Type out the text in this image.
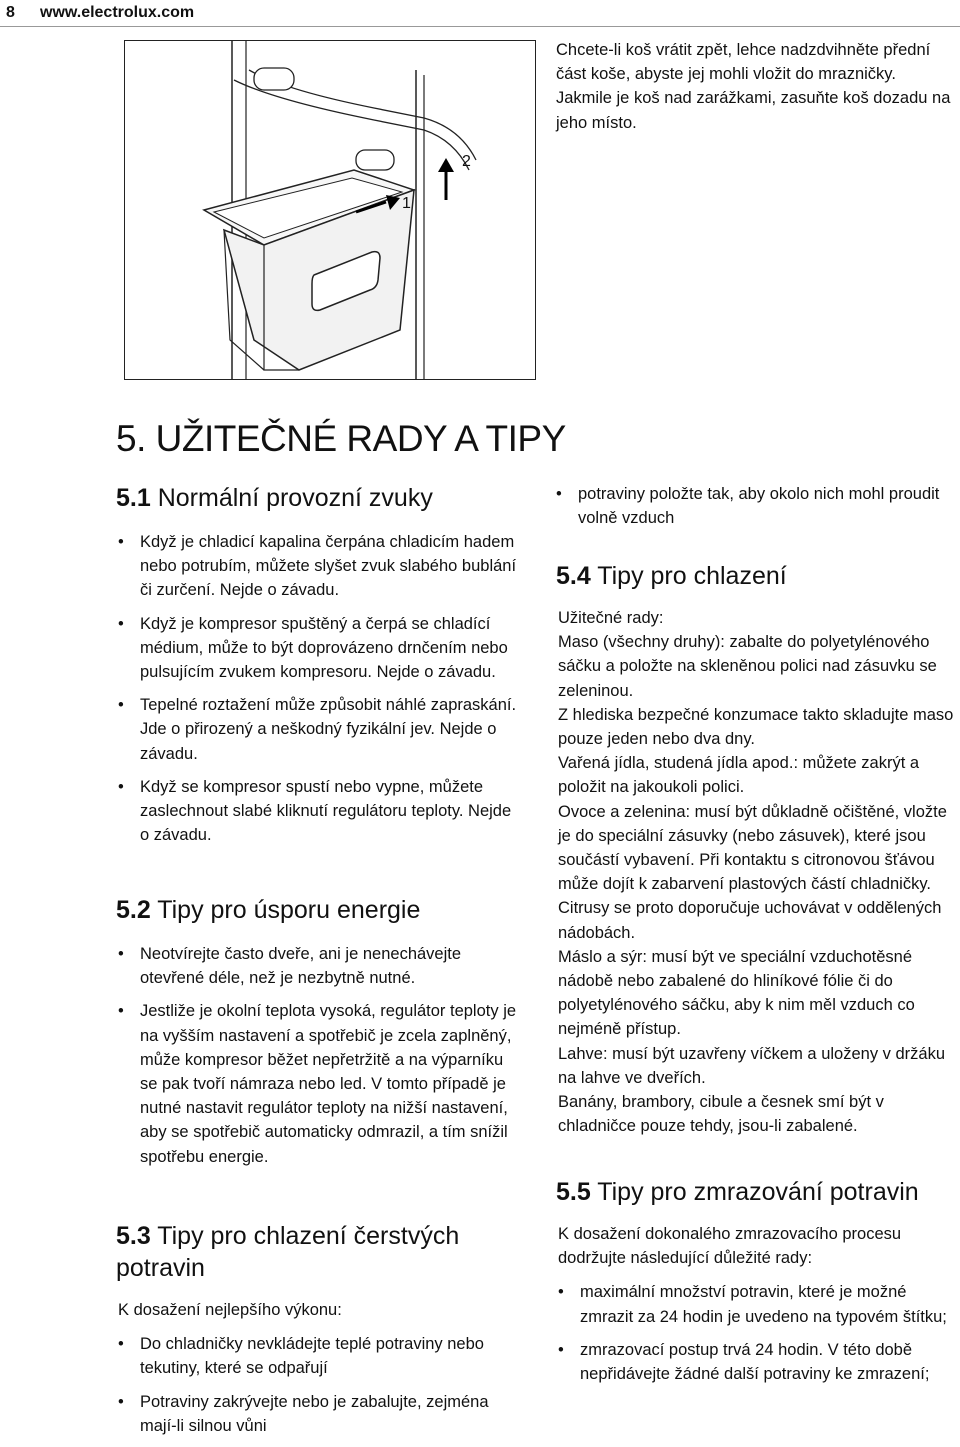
8 www.electrolux.com
1
2
Chcete-li koš vrátit zpět, lehce nadzdvihněte přední část koše, abyste jej mohli vložit do mrazničky. Jakmile je koš nad zarážkami, zasuňte koš dozadu na jeho místo.
5. UŽITEČNÉ RADY A TIPY
5.1 Normální provozní zvuky
• Když je chladicí kapalina čerpána chladicím hadem nebo potrubím, můžete slyšet zvuk slabého bublání či zurčení. Nejde o závadu.
• Když je kompresor spuštěný a čerpá se chladící médium, může to být doprovázeno drnčením nebo pulsujícím zvukem kompresoru. Nejde o závadu.
• Tepelné roztažení může způsobit náhlé zapraskání. Jde o přirozený a neškodný fyzikální jev. Nejde o závadu.
• Když se kompresor spustí nebo vypne, můžete zaslechnout slabé kliknutí regulátoru teploty. Nejde o závadu.
5.2 Tipy pro úsporu energie
• Neotvírejte často dveře, ani je nenechávejte otevřené déle, než je nezbytně nutné.
• Jestliže je okolní teplota vysoká, regulátor teploty je na vyšším nastavení a spotřebič je zcela zaplněný, může kompresor běžet nepřetržitě a na výparníku se pak tvoří námraza nebo led. V tomto případě je nutné nastavit regulátor teploty na nižší nastavení, aby se spotřebič automaticky odmrazil, a tím snížil spotřebu energie.
5.3 Tipy pro chlazení čerstvých potravin

K dosažení nejlepšího výkonu:

• Do chladničky nevkládejte teplé potraviny nebo tekutiny, které se odpařují
• Potraviny zakrývejte nebo je zabalujte, zejména mají-li silnou vůni
• potraviny položte tak, aby okolo nich mohl proudit volně vzduch
5.4 Tipy pro chlazení

Užitečné rady:

Maso (všechny druhy): zabalte do polyetylénového sáčku a položte na skleněnou polici nad zásuvku se zeleninou.

Z hlediska bezpečné konzumace takto skladujte maso pouze jeden nebo dva dny.

Vařená jídla, studená jídla apod.: můžete zakrýt a položit na jakoukoli polici.

Ovoce a zelenina: musí být důkladně očištěné, vložte je do speciální zásuvky (nebo zásuvek), které jsou součástí vybavení. Při kontaktu s citronovou šťávou může dojít k zabarvení plastových částí chladničky. Citrusy se proto doporučuje uchovávat v oddělených nádobách.

Máslo a sýr: musí být ve speciální vzduchotěsné nádobě nebo zabalené do hliníkové fólie či do polyetylénového sáčku, aby k nim měl vzduch co nejméně přístup.

Lahve: musí být uzavřeny víčkem a uloženy v držáku na lahve ve dveřích.

Banány, brambory, cibule a česnek smí být v chladničce pouze tehdy, jsou-li zabalené.

5.5 Tipy pro zmrazování potravin

K dosažení dokonalého zmrazovacího procesu dodržujte následující důležité rady:

• maximální množství potravin, které je možné zmrazit za 24 hodin je uvedeno na typovém štítku;
• zmrazovací postup trvá 24 hodin. V této době nepřidávejte žádné další potraviny ke zmrazení;
